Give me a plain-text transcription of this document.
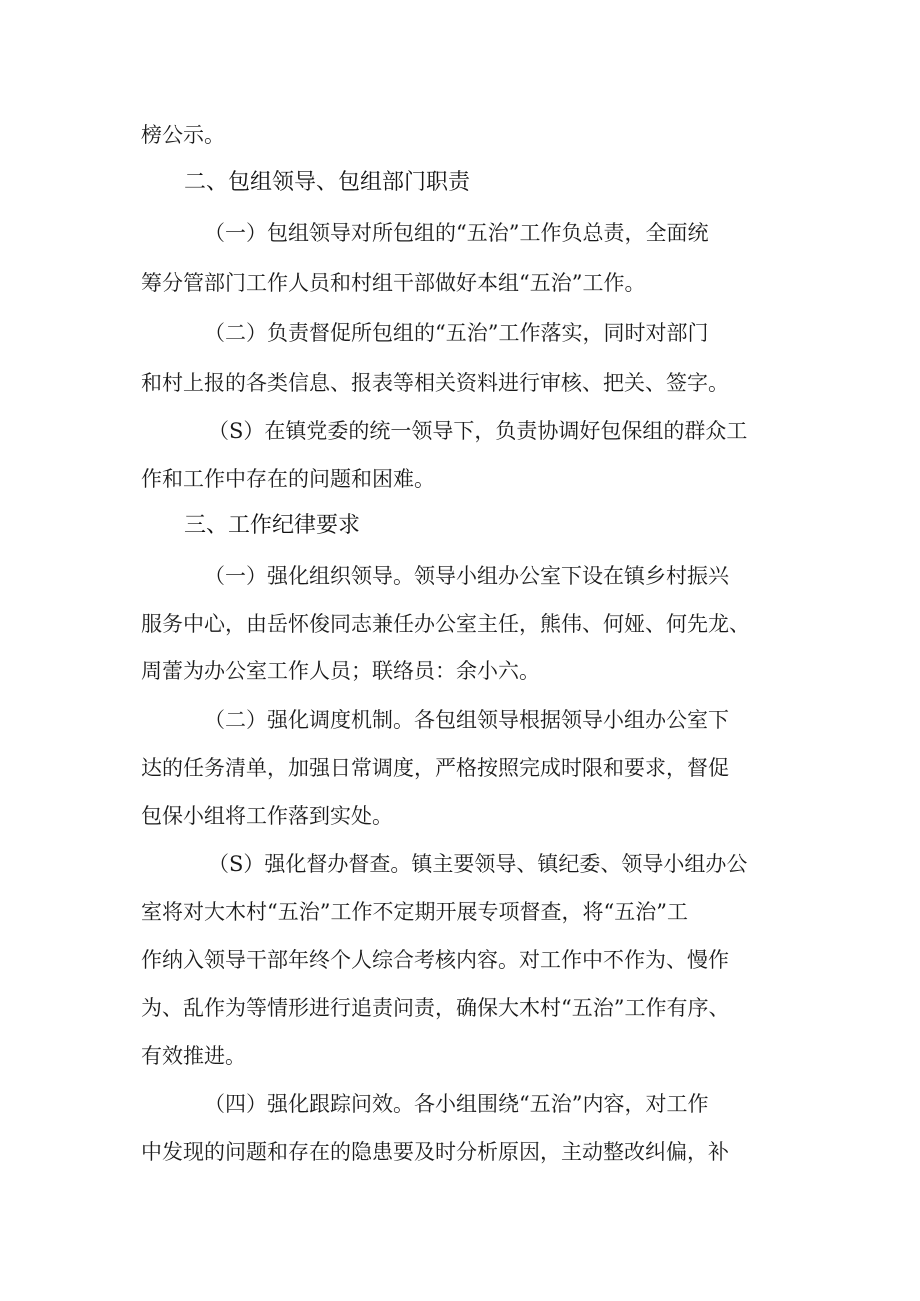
榜公示。
二、包组领导、包组部门职责
（一）包组领导对所包组的“五治”工作负总责，全面统
筹分管部门工作人员和村组干部做好本组“五治”工作。
（二）负责督促所包组的“五治”工作落实，同时对部门
和村上报的各类信息、报表等相关资料进行审核、把关、签字。
（S）在镇党委的统一领导下，负责协调好包保组的群众工
作和工作中存在的问题和困难。
三、工作纪律要求
（一）强化组织领导。领导小组办公室下设在镇乡村振兴
服务中心，由岳怀俊同志兼任办公室主任，熊伟、何娅、何先龙、
周蕾为办公室工作人员；联络员：余小六。
（二）强化调度机制。各包组领导根据领导小组办公室下
达的任务清单，加强日常调度，严格按照完成时限和要求，督促
包保小组将工作落到实处。
（S）强化督办督查。镇主要领导、镇纪委、领导小组办公
室将对大木村“五治”工作不定期开展专项督查，将“五治”工
作纳入领导干部年终个人综合考核内容。对工作中不作为、慢作
为、乱作为等情形进行追责问责，确保大木村“五治”工作有序、
有效推进。
（四）强化跟踪问效。各小组围绕“五治”内容，对工作
中发现的问题和存在的隐患要及时分析原因，主动整改纠偏，补
